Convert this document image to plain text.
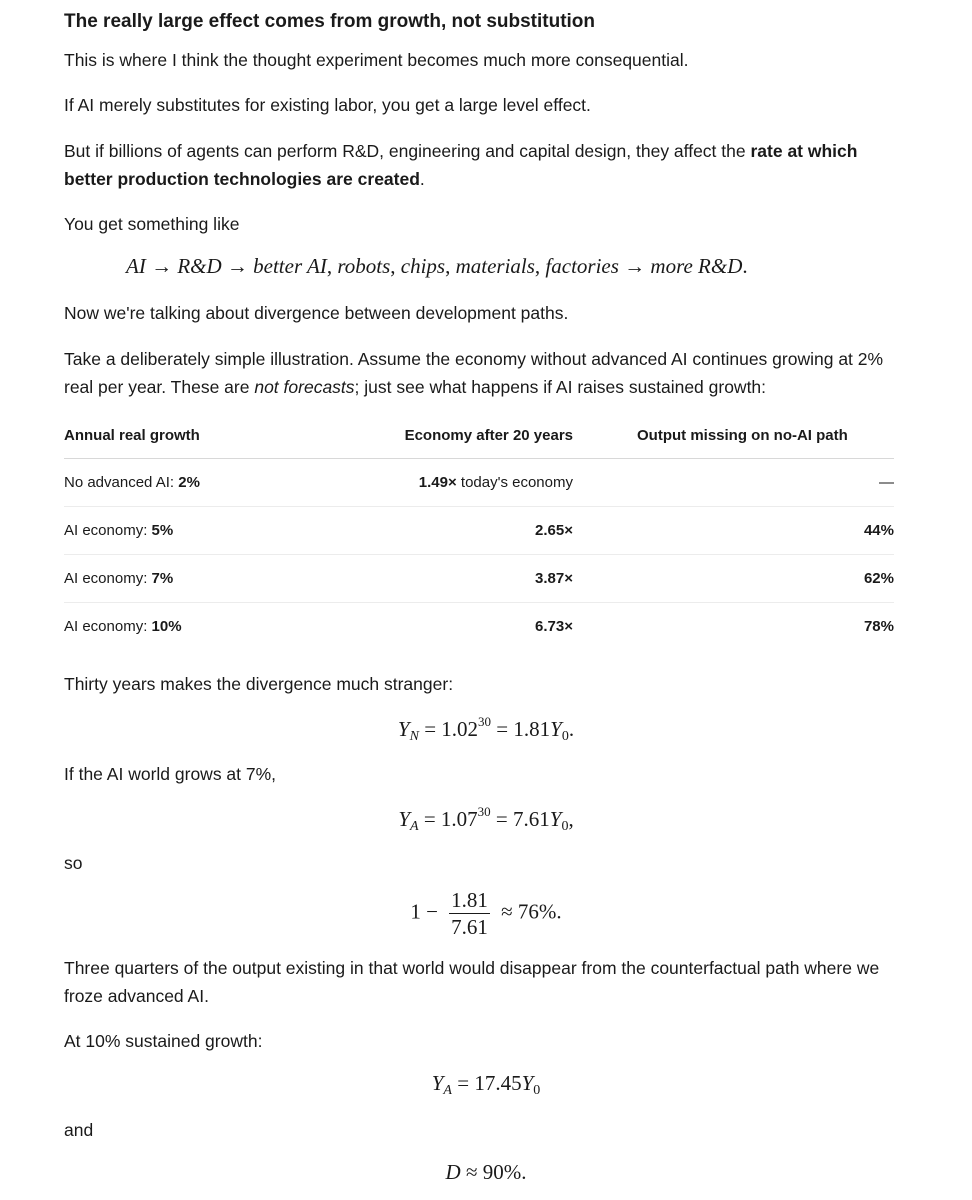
The really large effect comes from growth, not substitution

This is where I think the thought experiment becomes much more consequential.

If AI merely substitutes for existing labor, you get a large level effect.

But if billions of agents can perform R&D, engineering and capital design, they affect the rate at which better production technologies are created.

You get something like

AI → R&D → better AI, robots, chips, materials, factories → more R&D.

Now we're talking about divergence between development paths.

Take a deliberately simple illustration. Assume the economy without advanced AI continues growing at 2% real per year. These are not forecasts; just see what happens if AI raises sustained growth:

Annual real growth	Economy after 20 years	Output missing on no-AI path
No advanced AI: 2%	1.49× today's economy	—
AI economy: 5%	2.65×	44%
AI economy: 7%	3.87×	62%
AI economy: 10%	6.73×	78%

Thirty years makes the divergence much stranger:

$Y_N = 1.02^{30} = 1.81Y_0$.

If the AI world grows at 7%,

$Y_A = 1.07^{30} = 7.61Y_0$,

so

$1 - \frac{1.81}{7.61} \approx 76\%$.

Three quarters of the output existing in that world would disappear from the counterfactual path where we froze advanced AI.

At 10% sustained growth:

$Y_A = 17.45Y_0$

and

D ≈ 90%.
